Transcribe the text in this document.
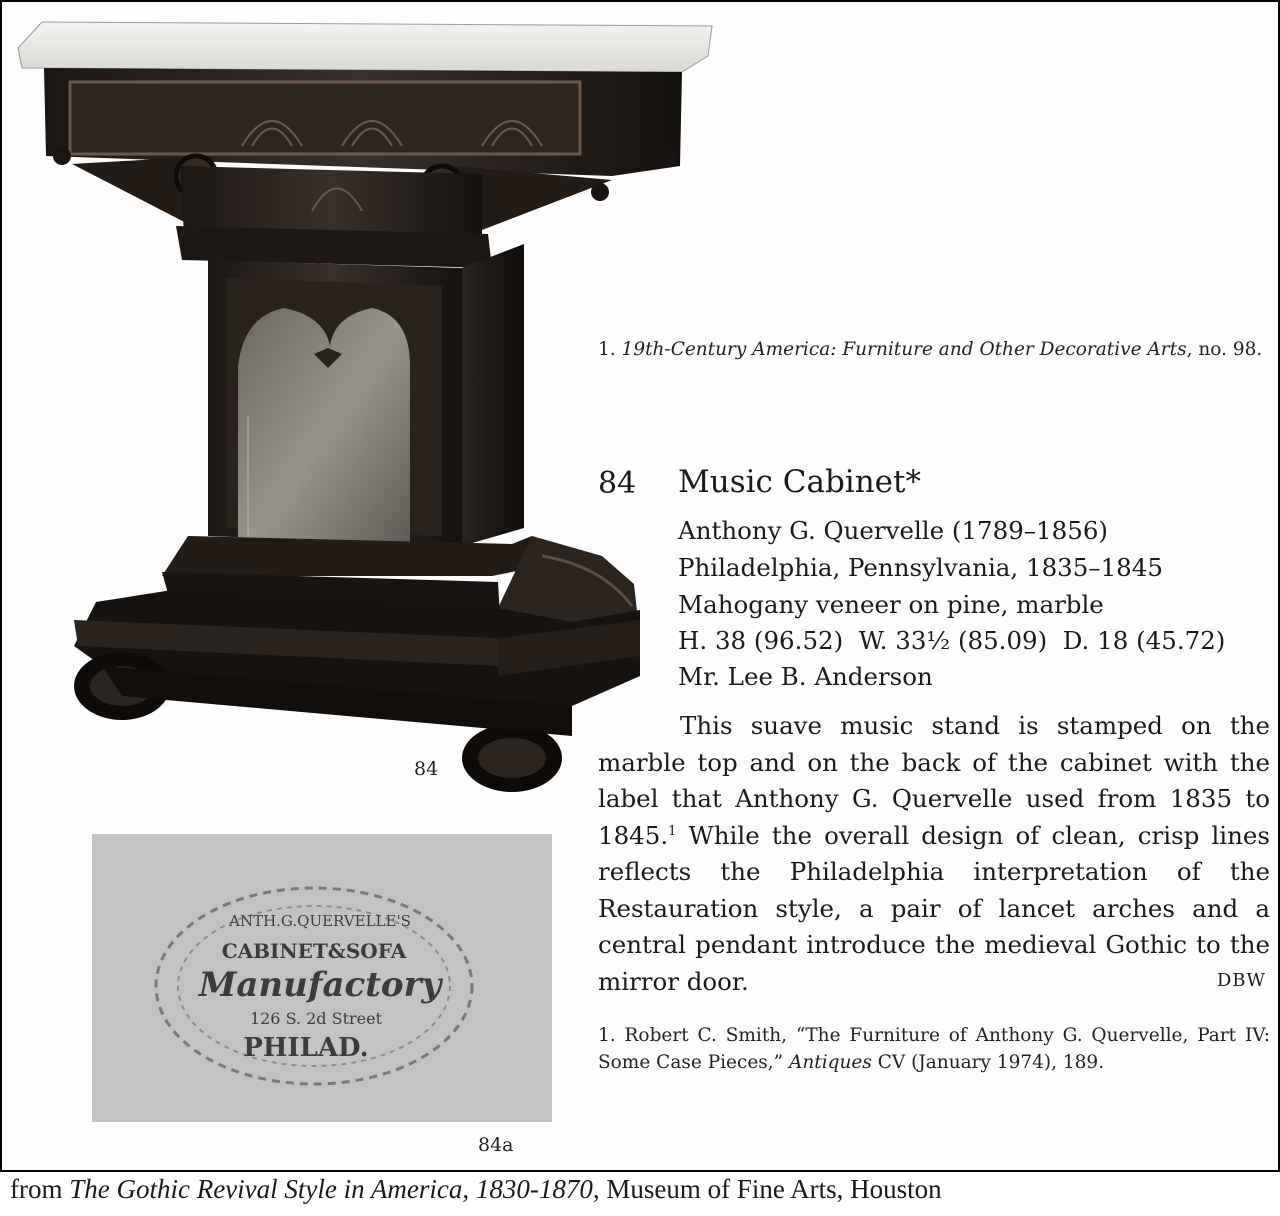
84
ANTH.G.QUERVELLE'S
CABINET&SOFA
Manufactory
126 S. 2d Street
PHILAD.
84a
1. 19th-Century America: Furniture and Other Decorative Arts, no. 98.
84 Music Cabinet*
Anthony G. Quervelle (1789–1856)
Philadelphia, Pennsylvania, 1835–1845
Mahogany veneer on pine, marble
H. 38 (96.52) W. 33½ (85.09) D. 18 (45.72)
Mr. Lee B. Anderson
This suave music stand is stamped on the marble top and on the back of the cabinet with the label that Anthony G. Quervelle used from 1835 to 1845.$^1$ While the overall design of clean, crisp lines reflects the Philadelphia interpretation of the Restauration style, a pair of lancet arches and a central pendant introduce the medieval Gothic to the mirror door.	DBW
1. Robert C. Smith, “The Furniture of Anthony G. Quervelle, Part IV: Some Case Pieces,” Antiques CV (January 1974), 189.
from The Gothic Revival Style in America, 1830-1870, Museum of Fine Arts, Houston
